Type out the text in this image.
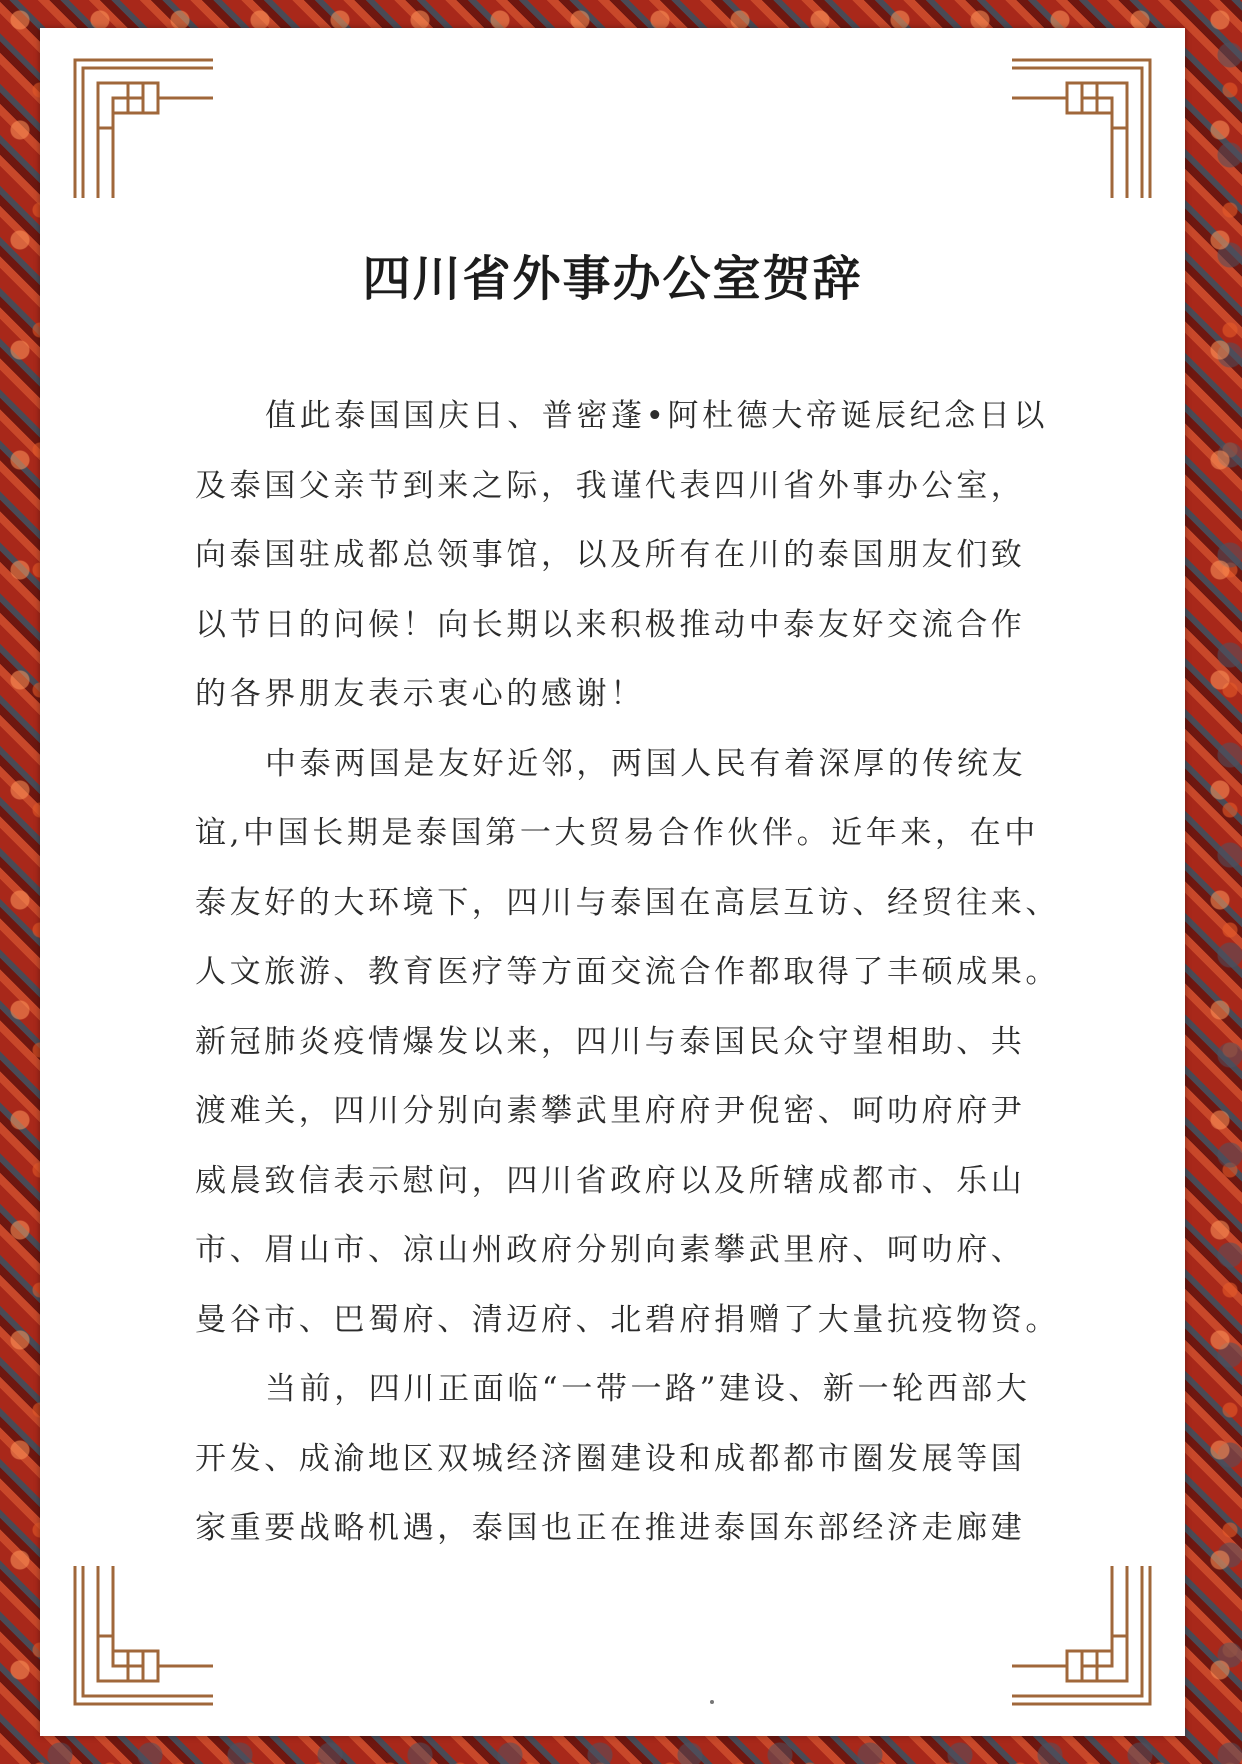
四川省外事办公室贺辞

值此泰国国庆日、普密蓬•阿杜德大帝诞辰纪念日以
及泰国父亲节到来之际，我谨代表四川省外事办公室，
向泰国驻成都总领事馆，以及所有在川的泰国朋友们致
以节日的问候！向长期以来积极推动中泰友好交流合作
的各界朋友表示衷心的感谢！

中泰两国是友好近邻，两国人民有着深厚的传统友
谊,中国长期是泰国第一大贸易合作伙伴。近年来，在中
泰友好的大环境下，四川与泰国在高层互访、经贸往来、
人文旅游、教育医疗等方面交流合作都取得了丰硕成果。
新冠肺炎疫情爆发以来，四川与泰国民众守望相助、共
渡难关，四川分别向素攀武里府府尹倪密、呵叻府府尹
威晨致信表示慰问，四川省政府以及所辖成都市、乐山
市、眉山市、凉山州政府分别向素攀武里府、呵叻府、
曼谷市、巴蜀府、清迈府、北碧府捐赠了大量抗疫物资。

当前，四川正面临“一带一路”建设、新一轮西部大
开发、成渝地区双城经济圈建设和成都都市圈发展等国
家重要战略机遇，泰国也正在推进泰国东部经济走廊建
